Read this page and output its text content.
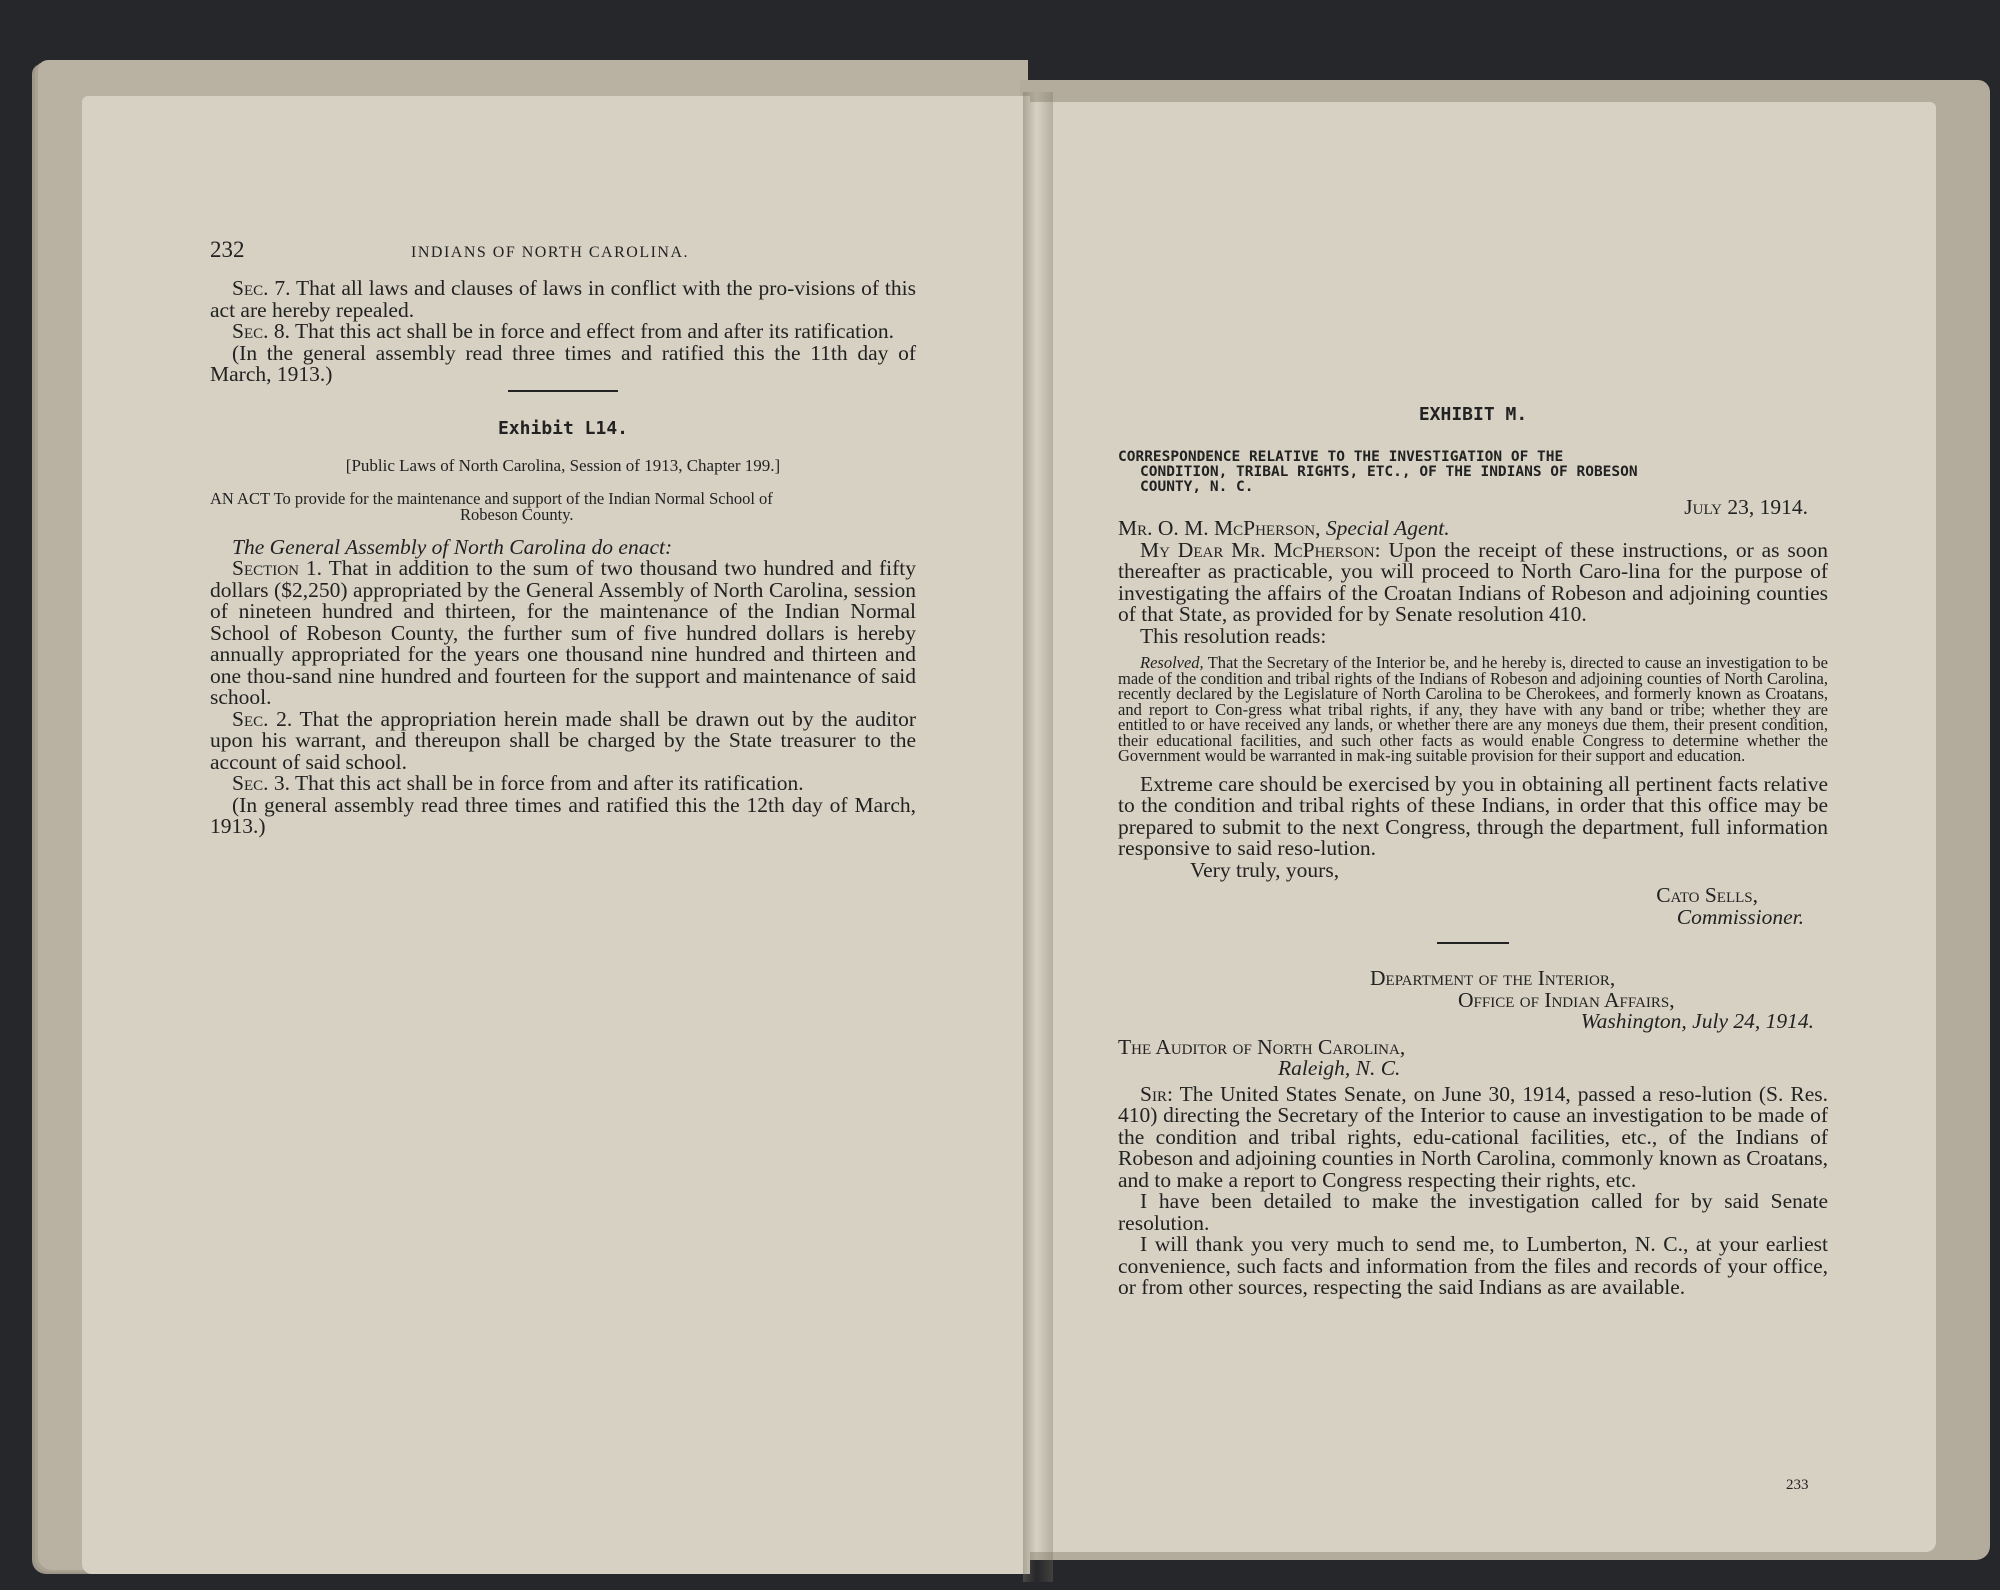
232	INDIANS OF NORTH CAROLINA.

Sec. 7. That all laws and clauses of laws in conflict with the pro-visions of this act are hereby repealed.

Sec. 8. That this act shall be in force and effect from and after its ratification.

(In the general assembly read three times and ratified this the 11th day of March, 1913.)

Exhibit L14.

[Public Laws of North Carolina, Session of 1913, Chapter 199.]

AN ACT To provide for the maintenance and support of the Indian Normal School of
Robeson County.

The General Assembly of North Carolina do enact:

Section 1. That in addition to the sum of two thousand two hundred and fifty dollars ($2,250) appropriated by the General Assembly of North Carolina, session of nineteen hundred and thirteen, for the maintenance of the Indian Normal School of Robeson County, the further sum of five hundred dollars is hereby annually appropriated for the years one thousand nine hundred and thirteen and one thou-sand nine hundred and fourteen for the support and maintenance of said school.

Sec. 2. That the appropriation herein made shall be drawn out by the auditor upon his warrant, and thereupon shall be charged by the State treasurer to the account of said school.

Sec. 3. That this act shall be in force from and after its ratification.

(In general assembly read three times and ratified this the 12th day of March, 1913.)

EXHIBIT M.

CORRESPONDENCE RELATIVE TO THE INVESTIGATION OF THE
CONDITION, TRIBAL RIGHTS, ETC., OF THE INDIANS OF ROBESON
COUNTY, N. C.

July 23, 1914.

Mr. O. M. McPherson, Special Agent.

My Dear Mr. McPherson: Upon the receipt of these instructions, or as soon thereafter as practicable, you will proceed to North Caro-lina for the purpose of investigating the affairs of the Croatan Indians of Robeson and adjoining counties of that State, as provided for by Senate resolution 410.

This resolution reads:

Resolved, That the Secretary of the Interior be, and he hereby is, directed to cause an investigation to be made of the condition and tribal rights of the Indians of Robeson and adjoining counties of North Carolina, recently declared by the Legislature of North Carolina to be Cherokees, and formerly known as Croatans, and report to Con-gress what tribal rights, if any, they have with any band or tribe; whether they are entitled to or have received any lands, or whether there are any moneys due them, their present condition, their educational facilities, and such other facts as would enable Congress to determine whether the Government would be warranted in mak-ing suitable provision for their support and education.

Extreme care should be exercised by you in obtaining all pertinent facts relative to the condition and tribal rights of these Indians, in order that this office may be prepared to submit to the next Congress, through the department, full information responsive to said reso-lution.

Very truly, yours,

Cato Sells,

Commissioner.

Department of the Interior,

Office of Indian Affairs,

Washington, July 24, 1914.

The Auditor of North Carolina,

Raleigh, N. C.

Sir: The United States Senate, on June 30, 1914, passed a reso-lution (S. Res. 410) directing the Secretary of the Interior to cause an investigation to be made of the condition and tribal rights, edu-cational facilities, etc., of the Indians of Robeson and adjoining counties in North Carolina, commonly known as Croatans, and to make a report to Congress respecting their rights, etc.

I have been detailed to make the investigation called for by said Senate resolution.

I will thank you very much to send me, to Lumberton, N. C., at your earliest convenience, such facts and information from the files and records of your office, or from other sources, respecting the said Indians as are available.

233
